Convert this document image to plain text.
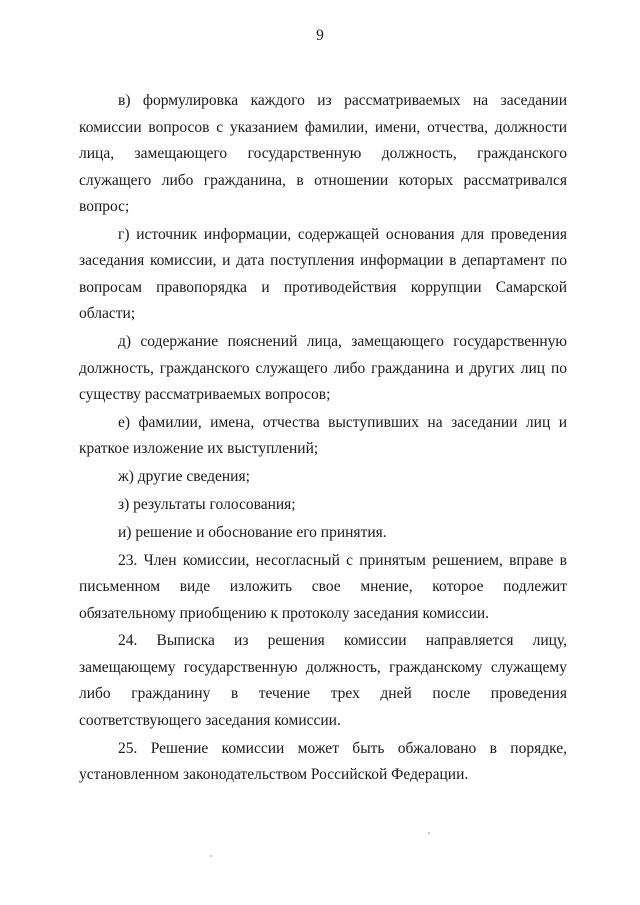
9

в) формулировка каждого из рассматриваемых на заседании комиссии вопросов с указанием фамилии, имени, отчества, должности лица, замещающего государственную должность, гражданского служащего либо гражданина, в отношении которых рассматривался вопрос;

г) источник информации, содержащей основания для проведения заседания комиссии, и дата поступления информации в департамент по вопросам правопорядка и противодействия коррупции Самарской области;

д) содержание пояснений лица, замещающего государственную должность, гражданского служащего либо гражданина и других лиц по существу рассматриваемых вопросов;

е) фамилии, имена, отчества выступивших на заседании лиц и краткое изложение их выступлений;

ж) другие сведения;

з) результаты голосования;

и) решение и обоснование его принятия.

23. Член комиссии, несогласный с принятым решением, вправе в письменном виде изложить свое мнение, которое подлежит обязательному приобщению к протоколу заседания комиссии.

24. Выписка из решения комиссии направляется лицу, замещающему государственную должность, гражданскому служащему либо гражданину в течение трех дней после проведения соответствующего заседания комиссии.

25. Решение комиссии может быть обжаловано в порядке, установленном законодательством Российской Федерации.
